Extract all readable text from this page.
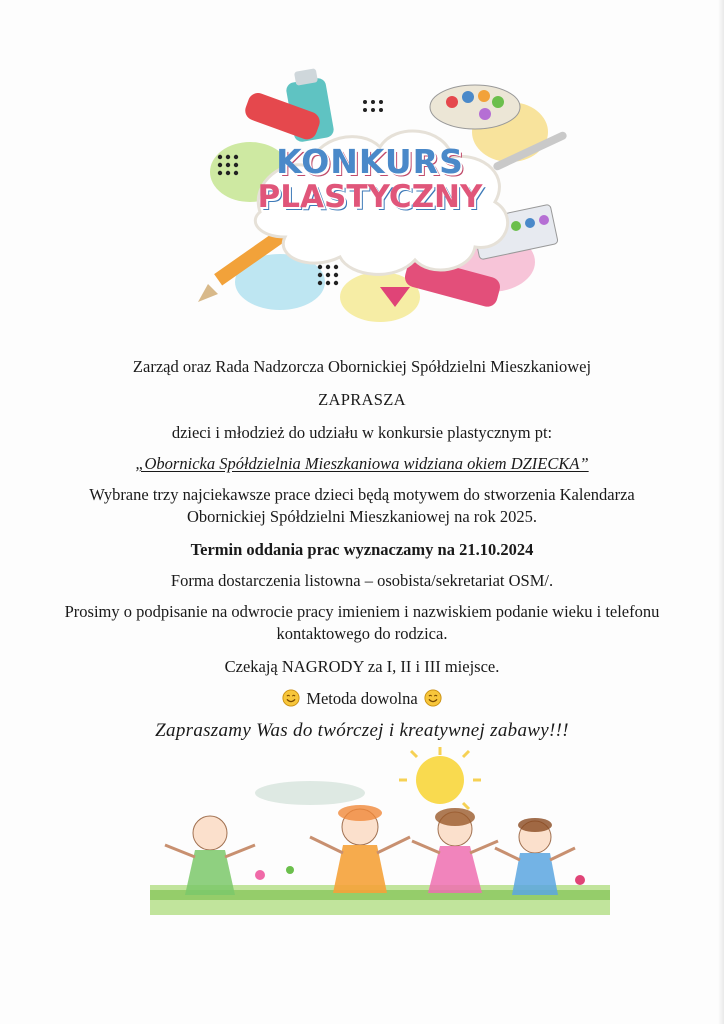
KONKURS
PLASTYCZNY

Zarząd oraz Rada Nadzorcza Obornickiej Spółdzielni Mieszkaniowej

ZAPRASZA

dzieci i młodzież do udziału w konkursie plastycznym pt:

„Obornicka Spółdzielnia Mieszkaniowa widziana okiem DZIECKA”

Wybrane trzy najciekawsze prace dzieci będą motywem do stworzenia Kalendarza
Obornickiej Spółdzielni Mieszkaniowej na rok 2025.

Termin oddania prac wyznaczamy na 21.10.2024

Forma dostarczenia listowna – osobista/sekretariat OSM/.

Prosimy o podpisanie na odwrocie pracy imieniem i nazwiskiem podanie wieku i telefonu
kontaktowego do rodzica.

Czekają NAGRODY za I, II i III miejsce.

Metoda dowolna

Zapraszamy Was do twórczej i kreatywnej zabawy!!!
